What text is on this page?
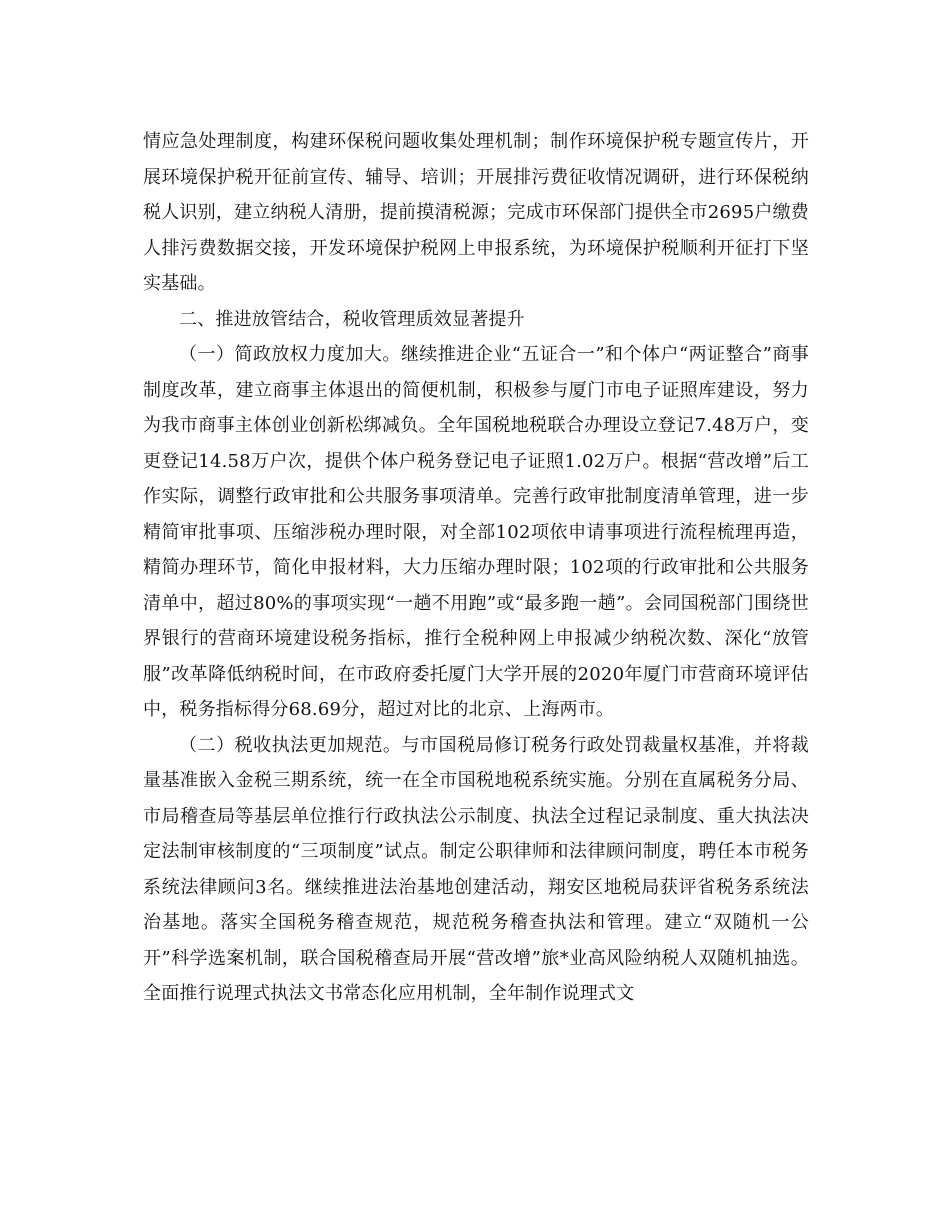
情应急处理制度，构建环保税问题收集处理机制；制作环境保护税专题宣传片，开展环境保护税开征前宣传、辅导、培训；开展排污费征收情况调研，进行环保税纳税人识别，建立纳税人清册，提前摸清税源；完成市环保部门提供全市2695户缴费人排污费数据交接，开发环境保护税网上申报系统，为环境保护税顺利开征打下坚实基础。

二、推进放管结合，税收管理质效显著提升

（一）简政放权力度加大。继续推进企业“五证合一”和个体户“两证整合”商事制度改革，建立商事主体退出的简便机制，积极参与厦门市电子证照库建设，努力为我市商事主体创业创新松绑减负。全年国税地税联合办理设立登记7.48万户，变更登记14.58万户次，提供个体户税务登记电子证照1.02万户。根据“营改增”后工作实际，调整行政审批和公共服务事项清单。完善行政审批制度清单管理，进一步精简审批事项、压缩涉税办理时限，对全部102项依申请事项进行流程梳理再造，精简办理环节，简化申报材料，大力压缩办理时限；102项的行政审批和公共服务清单中，超过80%的事项实现“一趟不用跑”或“最多跑一趟”。会同国税部门围绕世界银行的营商环境建设税务指标，推行全税种网上申报减少纳税次数、深化“放管服”改革降低纳税时间，在市政府委托厦门大学开展的2020年厦门市营商环境评估中，税务指标得分68.69分，超过对比的北京、上海两市。

（二）税收执法更加规范。与市国税局修订税务行政处罚裁量权基准，并将裁量基准嵌入金税三期系统，统一在全市国税地税系统实施。分别在直属税务分局、市局稽查局等基层单位推行行政执法公示制度、执法全过程记录制度、重大执法决定法制审核制度的“三项制度”试点。制定公职律师和法律顾问制度，聘任本市税务系统法律顾问3名。继续推进法治基地创建活动，翔安区地税局获评省税务系统法治基地。落实全国税务稽查规范，规范税务稽查执法和管理。建立“双随机一公开”科学选案机制，联合国税稽查局开展“营改增”旅*业高风险纳税人双随机抽选。全面推行说理式执法文书常态化应用机制，全年制作说理式文
